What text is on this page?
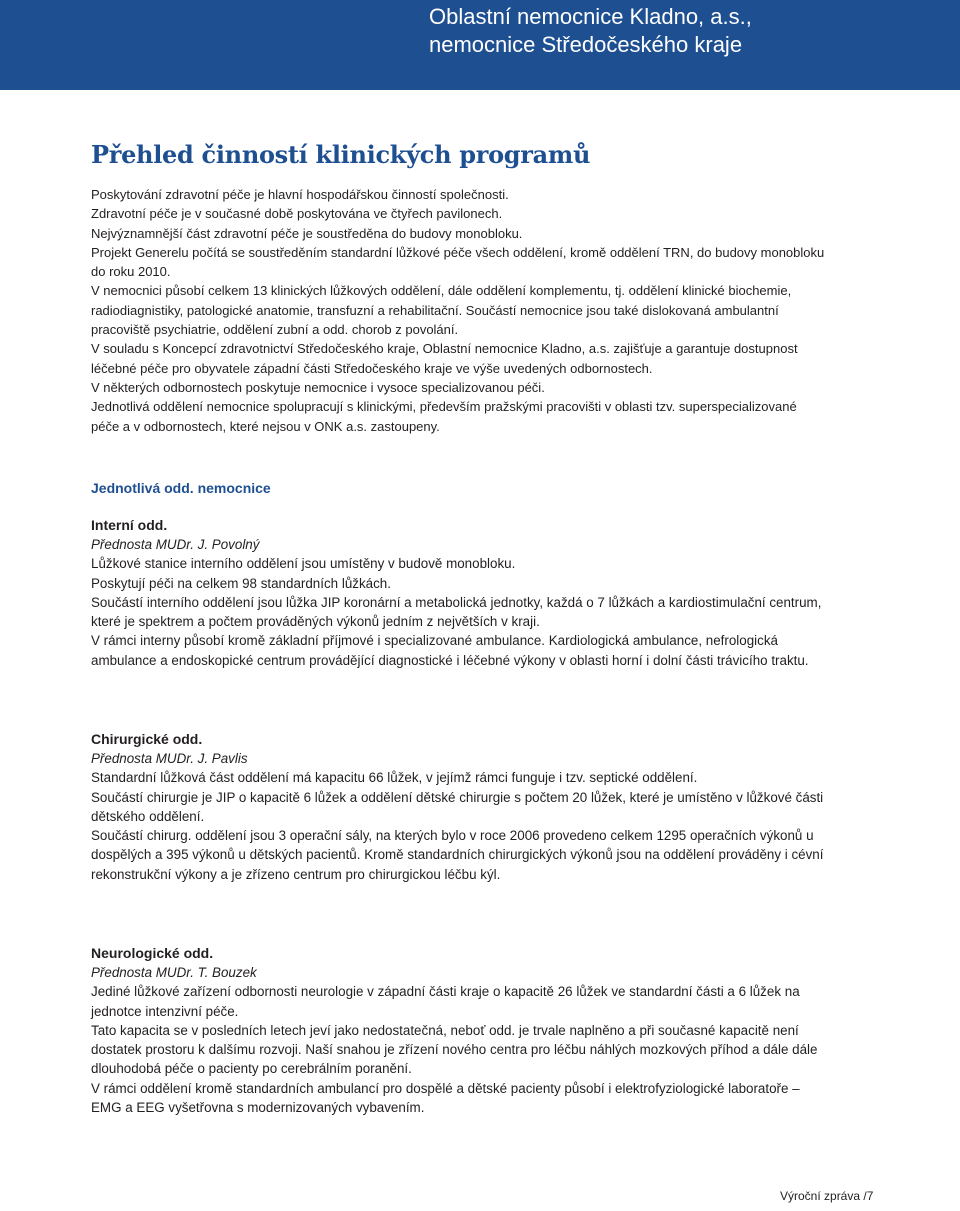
Oblastní nemocnice Kladno, a.s.,
nemocnice Středočeského kraje
Přehled činností klinických programů

Poskytování zdravotní péče je hlavní hospodářskou činností společnosti.

Zdravotní péče je v současné době poskytována ve čtyřech pavilonech.

Nejvýznamnější část zdravotní péče je soustředěna do budovy monobloku.

Projekt Generelu počítá se soustředěním standardní lůžkové péče všech oddělení, kromě oddělení TRN, do budovy monobloku do roku 2010.

V nemocnici působí celkem 13 klinických lůžkových oddělení, dále oddělení komplementu, tj. oddělení klinické biochemie, radiodiagnistiky, patologické anatomie, transfuzní a rehabilitační. Součástí nemocnice jsou také dislokovaná ambulantní pracoviště psychiatrie, oddělení zubní a odd. chorob z povolání.

V souladu s Koncepcí zdravotnictví Středočeského kraje, Oblastní nemocnice Kladno, a.s. zajišťuje a garantuje dostupnost léčebné péče pro obyvatele západní části Středočeského kraje ve výše uvedených odbornostech.

V některých odbornostech poskytuje nemocnice i vysoce specializovanou péči.

Jednotlivá oddělení nemocnice spolupracují s klinickými, především pražskými pracovišti v oblasti tzv. superspecializované péče a v odbornostech, které nejsou v ONK a.s. zastoupeny.

Jednotlivá odd. nemocnice

Interní odd.

Přednosta MUDr. J. Povolný

Lůžkové stanice interního oddělení jsou umístěny v budově monobloku.

Poskytují péči na celkem 98 standardních lůžkách.

Součástí interního oddělení jsou lůžka JIP koronární a metabolická jednotky, každá o 7 lůžkách a kardiostimulační centrum, které je spektrem a počtem prováděných výkonů jedním z největších v kraji.

V rámci interny působí kromě základní příjmové i specializované ambulance. Kardiologická ambulance, nefrologická ambulance a endoskopické centrum provádějící diagnostické i léčebné výkony v oblasti horní i dolní části trávicího traktu.

Chirurgické odd.

Přednosta MUDr. J. Pavlis

Standardní lůžková část oddělení má kapacitu 66 lůžek, v jejímž rámci funguje i tzv. septické oddělení.

Součástí chirurgie je JIP o kapacitě 6 lůžek a oddělení dětské chirurgie s počtem 20 lůžek, které je umístěno v lůžkové části dětského oddělení.

Součástí chirurg. oddělení jsou 3 operační sály, na kterých bylo v roce 2006 provedeno celkem 1295 operačních výkonů u dospělých a 395 výkonů u dětských pacientů. Kromě standardních chirurgických výkonů jsou na oddělení prováděny i cévní rekonstrukční výkony a je zřízeno centrum pro chirurgickou léčbu kýl.

Neurologické odd.

Přednosta MUDr. T. Bouzek

Jediné lůžkové zařízení odbornosti neurologie v západní části kraje o kapacitě 26 lůžek ve standardní části a 6 lůžek na jednotce intenzivní péče.

Tato kapacita se v posledních letech jeví jako nedostatečná, neboť odd. je trvale naplněno a při současné kapacitě není dostatek prostoru k dalšímu rozvoji. Naší snahou je zřízení nového centra pro léčbu náhlých mozkových příhod a dále dále dlouhodobá péče o pacienty po cerebrálním poranění.

V rámci oddělení kromě standardních ambulancí pro dospělé a dětské pacienty působí i elektrofyziologické laboratoře – EMG a EEG vyšetřovna s modernizovaných vybavením.

Výroční zpráva /7
